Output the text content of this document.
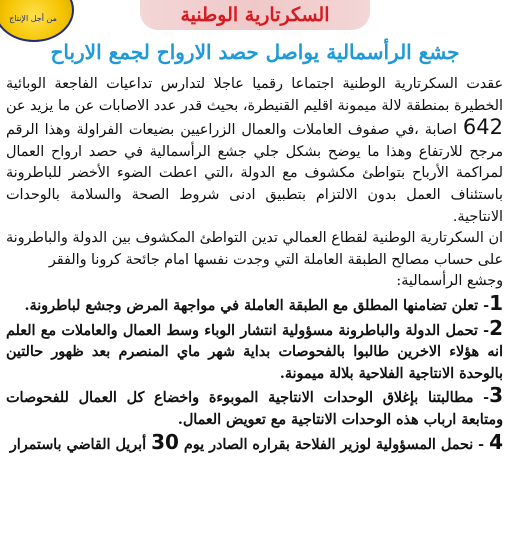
من أجل الإنتاج	السكرتارية الوطنية
جشع الرأسمالية يواصل حصد الارواح لجمع الارباح

عقدت السكرتارية الوطنية اجتماعا رقميا عاجلا لتدارس تداعيات الفاجعة الوبائية الخطيرة بمنطقة لالة ميمونة اقليم القنيطرة، بحيث قدر عدد الاصابات عن ما يزيد عن 642 اصابة ،في صفوف العاملات والعمال الزراعيين بضيعات الفراولة وهذا الرقم مرجح للارتفاع وهذا ما يوضح بشكل جلي جشع الرأسمالية في حصد ارواح العمال لمراكمة الأرباح بتواطئ مكشوف مع الدولة ،التي اعطت الضوء الأخضر للباطرونة باستئناف العمل بدون الالتزام بتطبيق ادنى شروط الصحة والسلامة بالوحدات الانتاجية.

ان السكرتارية الوطنية لقطاع العمالي تدين التواطئ المكشوف بين الدولة والباطرونة على حساب مصالح الطبقة العاملة التي وجدت نفسها امام جائحة كرونا والفقر
وجشع الرأسمالية:

1- تعلن تضامنها المطلق مع الطبقة العاملة في مواجهة المرض وجشع لباطرونة.

2- تحمل الدولة والباطرونة مسؤولية انتشار الوباء وسط العمال والعاملات مع العلم انه هؤلاء الاخرين طالبوا بالفحوصات بداية شهر ماي المنصرم بعد ظهور حالتين بالوحدة الانتاجية الفلاحية بلالة ميمونة.

3- مطالبتنا بإغلاق الوحدات الانتاجية الموبوءة واخضاع كل العمال للفحوصات ومتابعة ارباب هذه الوحدات الانتاجية مع تعويض العمال.

4 - نحمل المسؤولية لوزير الفلاحة بقراره الصادر يوم 30 أبريل القاضي باستمرار
